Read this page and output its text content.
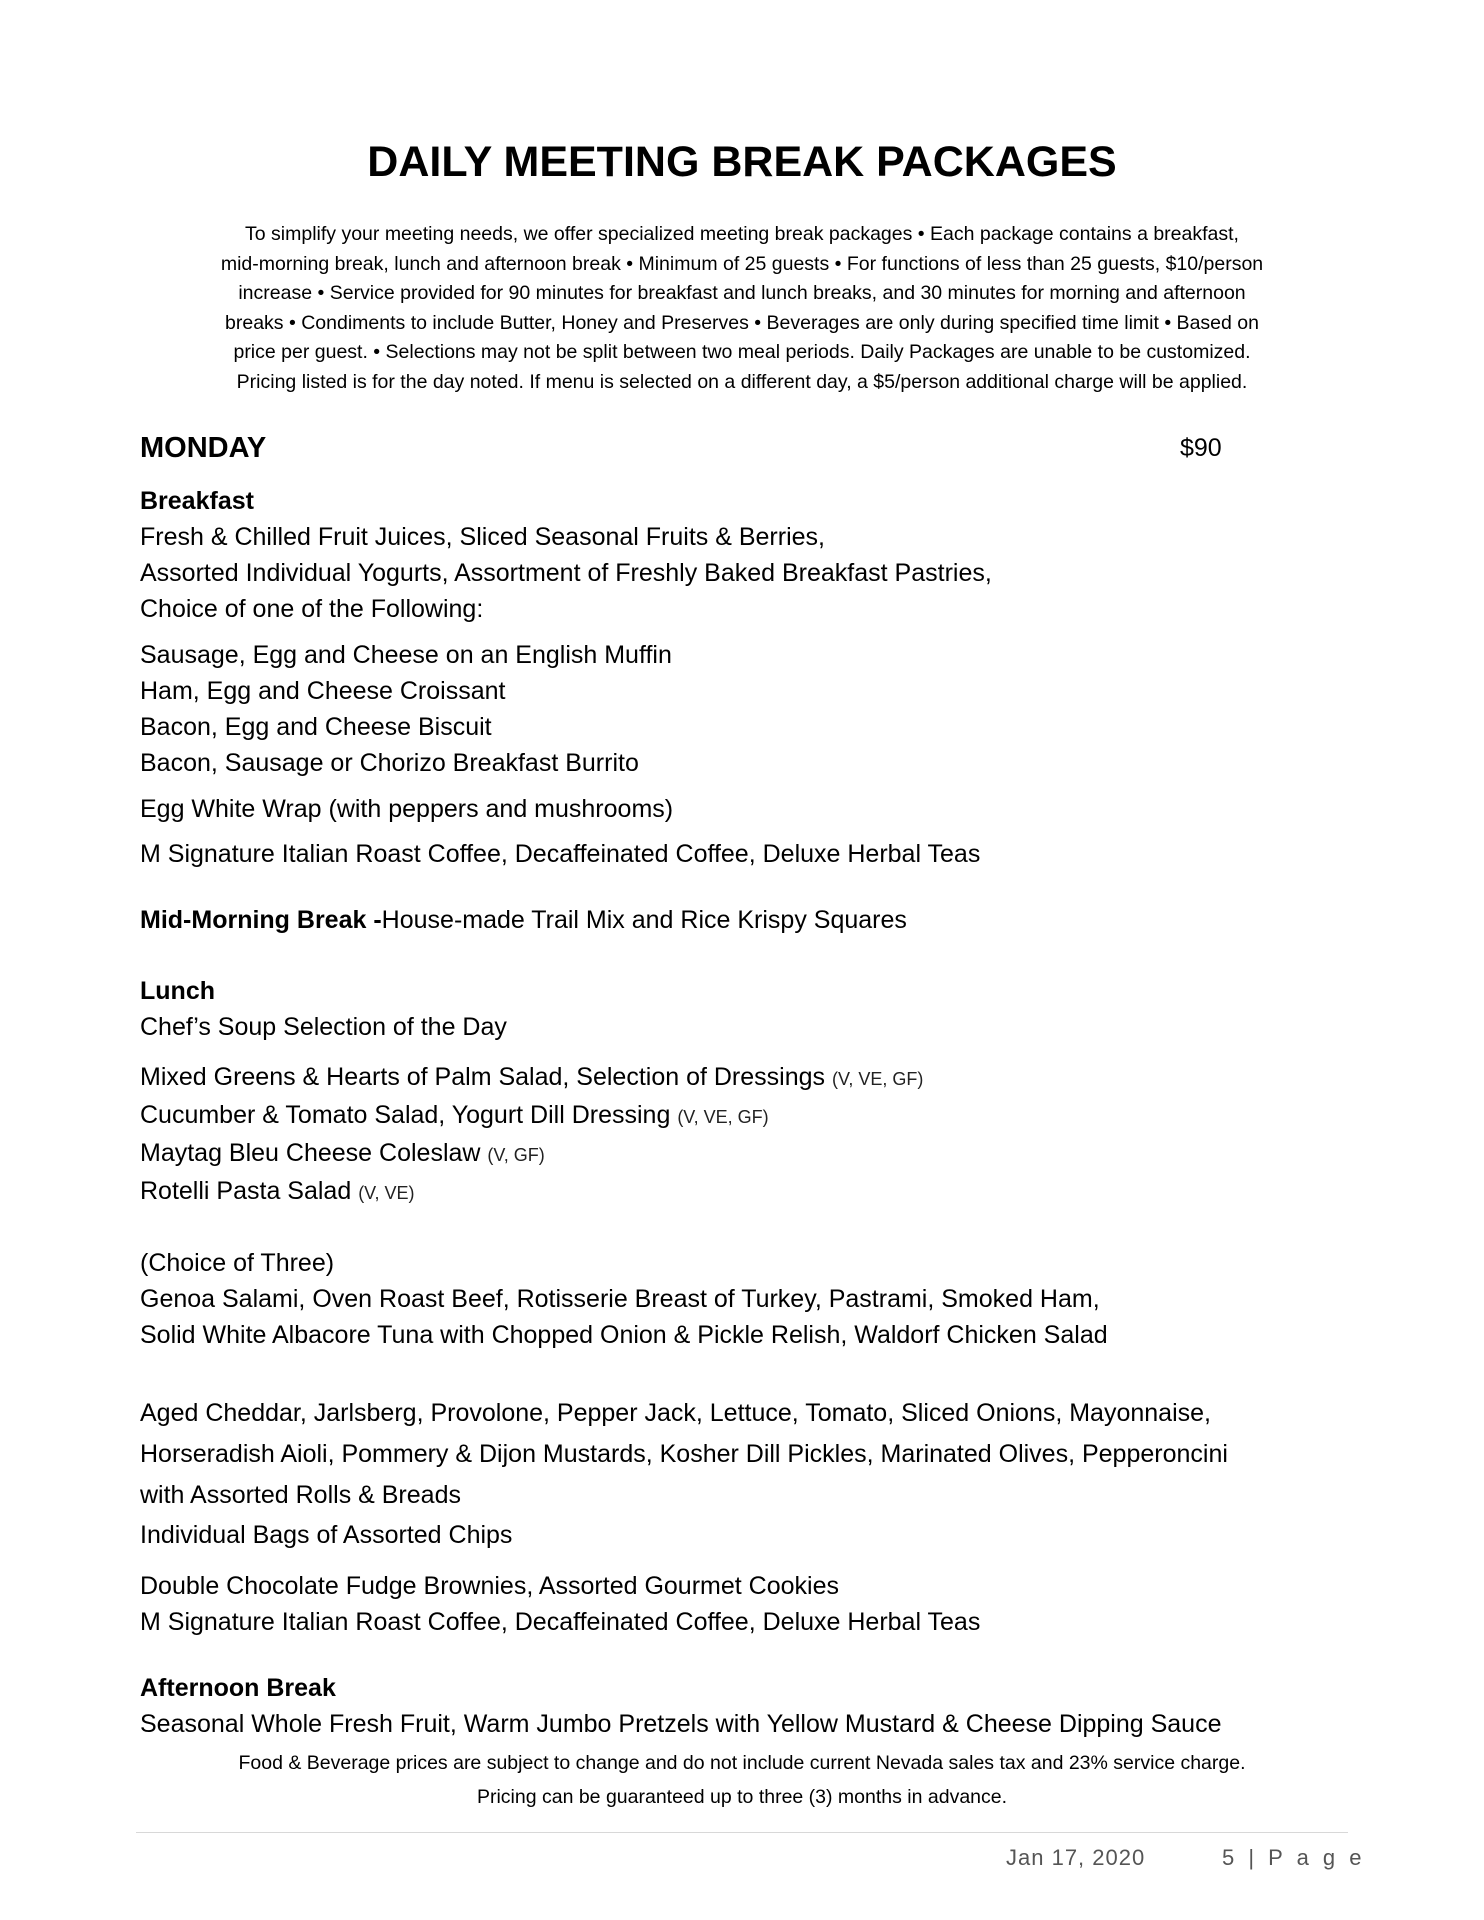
DAILY MEETING BREAK PACKAGES
To simplify your meeting needs, we offer specialized meeting break packages • Each package contains a breakfast,
mid-morning break, lunch and afternoon break • Minimum of 25 guests • For functions of less than 25 guests, $10/person
increase • Service provided for 90 minutes for breakfast and lunch breaks, and 30 minutes for morning and afternoon
breaks • Condiments to include Butter, Honey and Preserves • Beverages are only during specified time limit • Based on
price per guest. • Selections may not be split between two meal periods. Daily Packages are unable to be customized.
Pricing listed is for the day noted. If menu is selected on a different day, a $5/person additional charge will be applied.
MONDAY	$90
Breakfast
Fresh & Chilled Fruit Juices, Sliced Seasonal Fruits & Berries,
Assorted Individual Yogurts, Assortment of Freshly Baked Breakfast Pastries,
Choice of one of the Following:
Sausage, Egg and Cheese on an English Muffin
Ham, Egg and Cheese Croissant
Bacon, Egg and Cheese Biscuit
Bacon, Sausage or Chorizo Breakfast Burrito
Egg White Wrap (with peppers and mushrooms)
M Signature Italian Roast Coffee, Decaffeinated Coffee, Deluxe Herbal Teas
Mid-Morning Break -House-made Trail Mix and Rice Krispy Squares
Lunch
Chef’s Soup Selection of the Day
Mixed Greens & Hearts of Palm Salad, Selection of Dressings (V, VE, GF)
Cucumber & Tomato Salad, Yogurt Dill Dressing (V, VE, GF)
Maytag Bleu Cheese Coleslaw (V, GF)
Rotelli Pasta Salad (V, VE)
(Choice of Three)
Genoa Salami, Oven Roast Beef, Rotisserie Breast of Turkey, Pastrami, Smoked Ham,
Solid White Albacore Tuna with Chopped Onion & Pickle Relish, Waldorf Chicken Salad
Aged Cheddar, Jarlsberg, Provolone, Pepper Jack, Lettuce, Tomato, Sliced Onions, Mayonnaise,
Horseradish Aioli, Pommery & Dijon Mustards, Kosher Dill Pickles, Marinated Olives, Pepperoncini
with Assorted Rolls & Breads
Individual Bags of Assorted Chips
Double Chocolate Fudge Brownies, Assorted Gourmet Cookies
M Signature Italian Roast Coffee, Decaffeinated Coffee, Deluxe Herbal Teas
Afternoon Break
Seasonal Whole Fresh Fruit, Warm Jumbo Pretzels with Yellow Mustard & Cheese Dipping Sauce
Food & Beverage prices are subject to change and do not include current Nevada sales tax and 23% service charge.
Pricing can be guaranteed up to three (3) months in advance.
Jan 17, 2020	5 | P a g e
